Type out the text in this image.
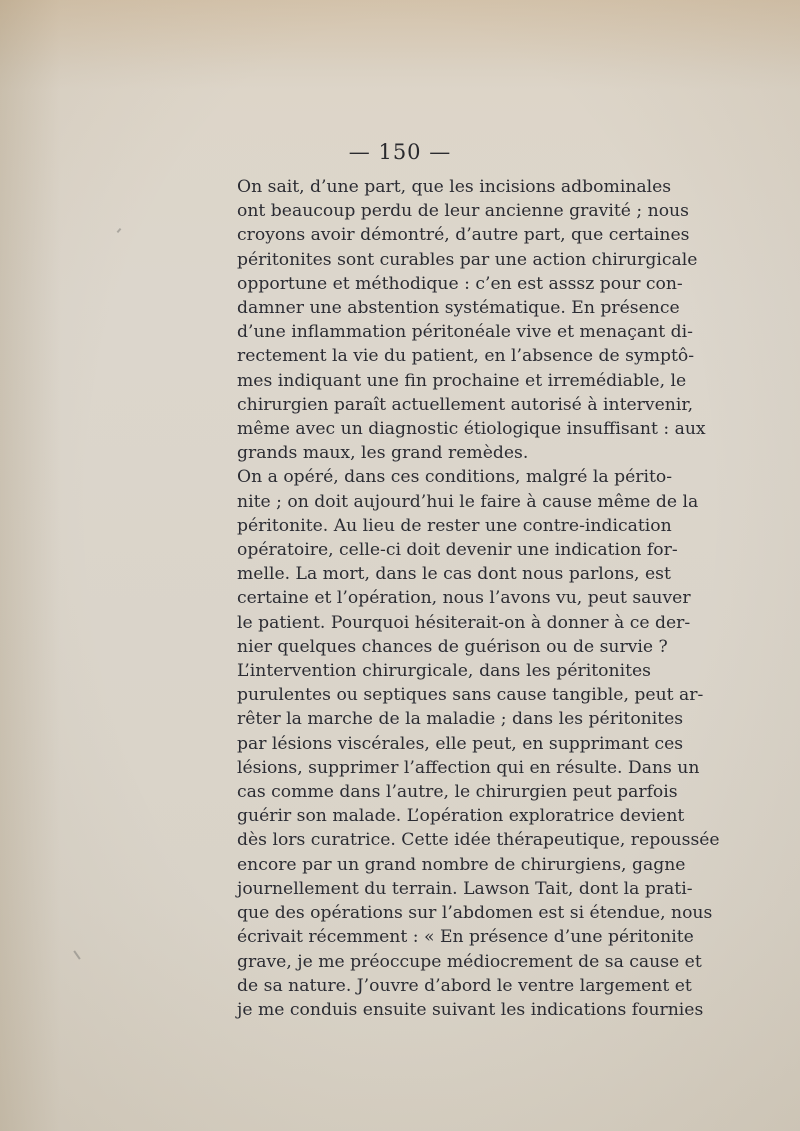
— 150 —

On sait, d’une part, que les incisions adbominales
ont beaucoup perdu de leur ancienne gravité ; nous
croyons avoir démontré, d’autre part, que certaines
péritonites sont curables par une action chirurgicale
opportune et méthodique : c’en est asssz pour con-
damner une abstention systématique. En présence
d’une inflammation péritonéale vive et menaçant di-
rectement la vie du patient, en l’absence de symptô-
mes indiquant une fin prochaine et irremédiable, le
chirurgien paraît actuellement autorisé à intervenir,
même avec un diagnostic étiologique insuffisant : aux
grands maux, les grand remèdes.

On a opéré, dans ces conditions, malgré la périto-
nite ; on doit aujourd’hui le faire à cause même de la
péritonite. Au lieu de rester une contre-indication
opératoire, celle-ci doit devenir une indication for-
melle. La mort, dans le cas dont nous parlons, est
certaine et l’opération, nous l’avons vu, peut sauver
le patient. Pourquoi hésiterait-on à donner à ce der-
nier quelques chances de guérison ou de survie ?

L’intervention chirurgicale, dans les péritonites
purulentes ou septiques sans cause tangible, peut ar-
rêter la marche de la maladie ; dans les péritonites
par lésions viscérales, elle peut, en supprimant ces
lésions, supprimer l’affection qui en résulte. Dans un
cas comme dans l’autre, le chirurgien peut parfois
guérir son malade. L’opération exploratrice devient
dès lors curatrice. Cette idée thérapeutique, repoussée
encore par un grand nombre de chirurgiens, gagne
journellement du terrain. Lawson Tait, dont la prati-
que des opérations sur l’abdomen est si étendue, nous
écrivait récemment : « En présence d’une péritonite
grave, je me préoccupe médiocrement de sa cause et
de sa nature. J’ouvre d’abord le ventre largement et
je me conduis ensuite suivant les indications fournies
